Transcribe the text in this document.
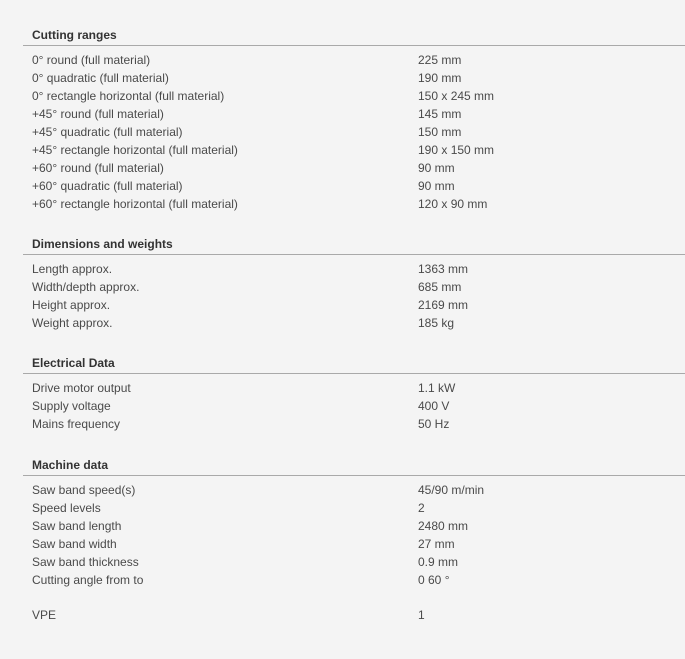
Cutting ranges
0° round (full material)	225 mm
0° quadratic (full material)	190 mm
0° rectangle horizontal (full material)	150 x 245 mm
+45° round (full material)	145 mm
+45° quadratic (full material)	150 mm
+45° rectangle horizontal (full material)	190 x 150 mm
+60° round (full material)	90 mm
+60° quadratic (full material)	90 mm
+60° rectangle horizontal (full material)	120 x 90 mm
Dimensions and weights
Length approx.	1363 mm
Width/depth approx.	685 mm
Height approx.	2169 mm
Weight approx.	185 kg
Electrical Data
Drive motor output	1.1 kW
Supply voltage	400 V
Mains frequency	50 Hz
Machine data
Saw band speed(s)	45/90 m/min
Speed levels	2
Saw band length	2480 mm
Saw band width	27 mm
Saw band thickness	0.9 mm
Cutting angle from to	0 60 °
VPE	1
